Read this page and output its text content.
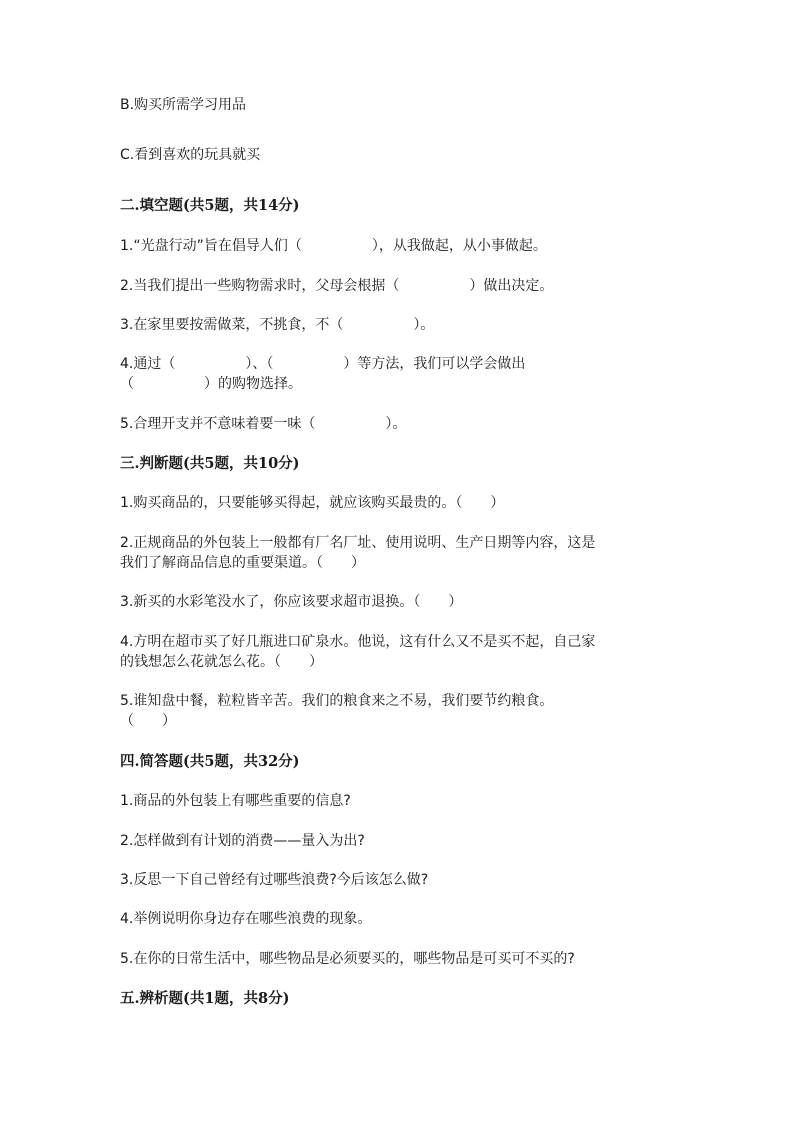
B.购买所需学习用品
C.看到喜欢的玩具就买
二.填空题(共5题，共14分)
1.“光盘行动”旨在倡导人们（　　　　　），从我做起，从小事做起。
2.当我们提出一些购物需求时，父母会根据（　　　　　）做出决定。
3.在家里要按需做菜，不挑食，不（　　　　　）。
4.通过（　　　　　）、（　　　　　）等方法，我们可以学会做出
（　　　　　）的购物选择。
5.合理开支并不意味着要一味（　　　　　）。
三.判断题(共5题，共10分)
1.购买商品的，只要能够买得起，就应该购买最贵的。（　　）
2.正规商品的外包装上一般都有厂名厂址、使用说明、生产日期等内容，这是
我们了解商品信息的重要渠道。（　　）
3.新买的水彩笔没水了，你应该要求超市退换。（　　）
4.方明在超市买了好几瓶进口矿泉水。他说，这有什么又不是买不起，自己家
的钱想怎么花就怎么花。（　　）
5.谁知盘中餐，粒粒皆辛苦。我们的粮食来之不易，我们要节约粮食。
（　　）
四.简答题(共5题，共32分)
1.商品的外包装上有哪些重要的信息?
2.怎样做到有计划的消费——量入为出?
3.反思一下自己曾经有过哪些浪费?今后该怎么做?
4.举例说明你身边存在哪些浪费的现象。
5.在你的日常生活中，哪些物品是必须要买的，哪些物品是可买可不买的?
五.辨析题(共1题，共8分)
